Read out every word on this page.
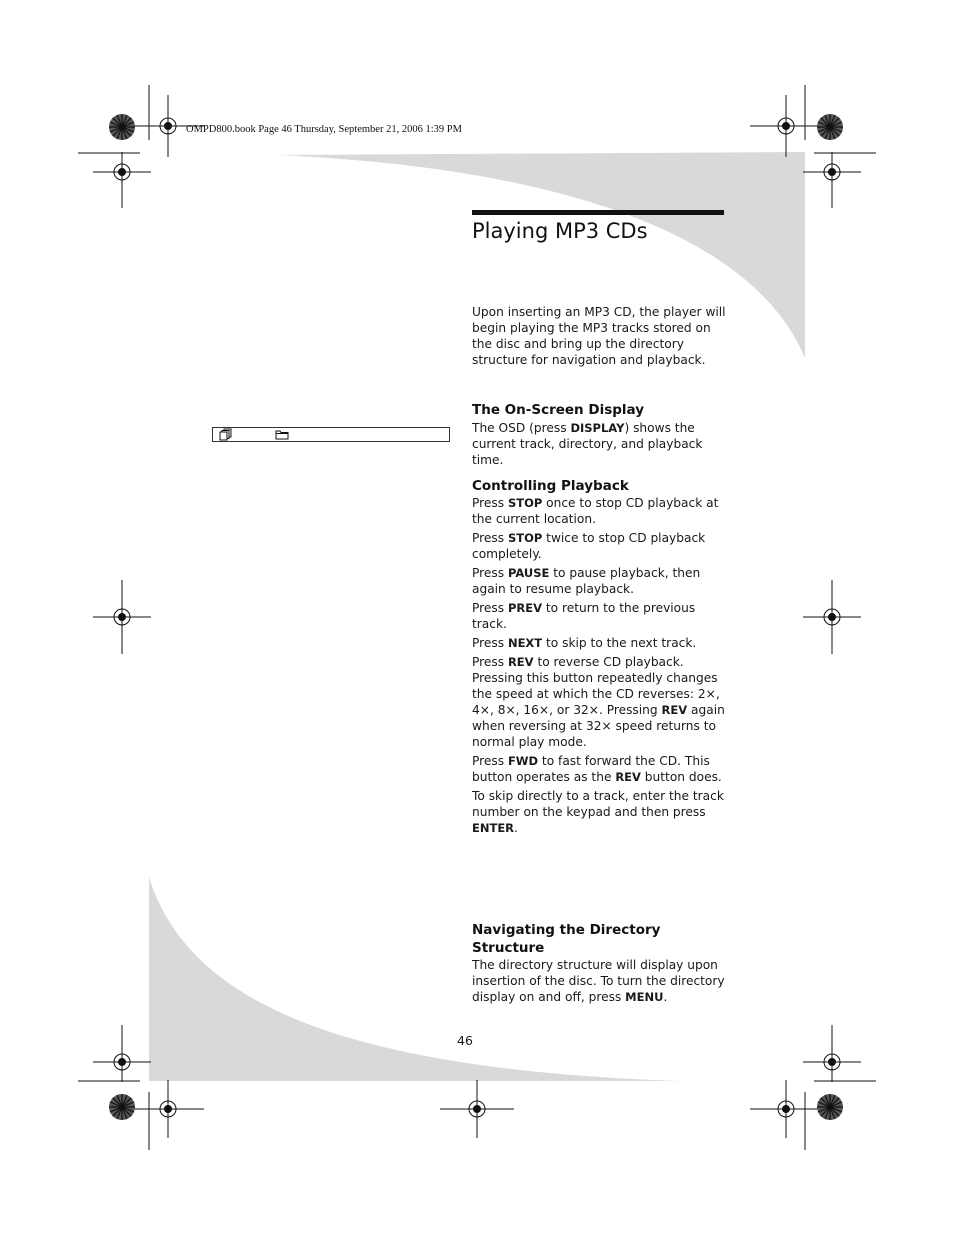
OMPD800.book Page 46 Thursday, September 21, 2006 1:39 PM
Playing MP3 CDs

Upon inserting an MP3 CD, the player will begin playing the MP3 tracks stored on the disc and bring up the directory structure for navigation and playback.

The On-Screen Display

The OSD (press DISPLAY) shows the current track, directory, and playback time.

Controlling Playback

Press STOP once to stop CD playback at the current location.

Press STOP twice to stop CD playback completely.

Press PAUSE to pause playback, then again to resume playback.

Press PREV to return to the previous track.

Press NEXT to skip to the next track.

Press REV to reverse CD playback. Pressing this button repeatedly changes the speed at which the CD reverses: 2×, 4×, 8×, 16×, or 32×. Pressing REV again when reversing at 32× speed returns to normal play mode.

Press FWD to fast forward the CD. This button operates as the REV button does.

To skip directly to a track, enter the track number on the keypad and then press ENTER.

Navigating the Directory
Structure

The directory structure will display upon insertion of the disc. To turn the directory display on and off, press MENU.

46
